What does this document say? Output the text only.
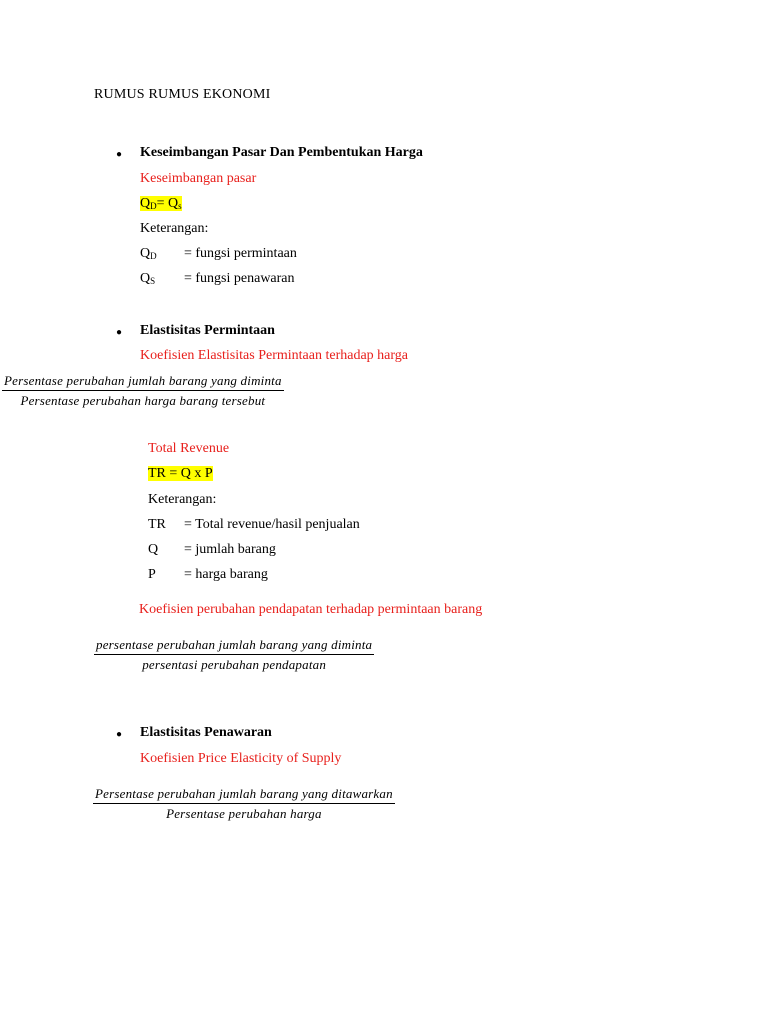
RUMUS RUMUS EKONOMI
● Keseimbangan Pasar Dan Pembentukan Harga
Keseimbangan pasar
$Q_D= Q_s$
Keterangan:
$Q_D$ = fungsi permintaan
$Q_S$ = fungsi penawaran
● Elastisitas Permintaan
Koefisien Elastisitas Permintaan terhadap harga
Persentase perubahan jumlah barang yang diminta
Persentase perubahan harga barang tersebut
Total Revenue
TR = Q x P
Keterangan:
TR = Total revenue/hasil penjualan
Q = jumlah barang
P = harga barang
Koefisien perubahan pendapatan terhadap permintaan barang
persentase perubahan jumlah barang yang diminta
persentasi perubahan pendapatan
● Elastisitas Penawaran
Koefisien Price Elasticity of Supply
Persentase perubahan jumlah barang yang ditawarkan
Persentase perubahan harga
